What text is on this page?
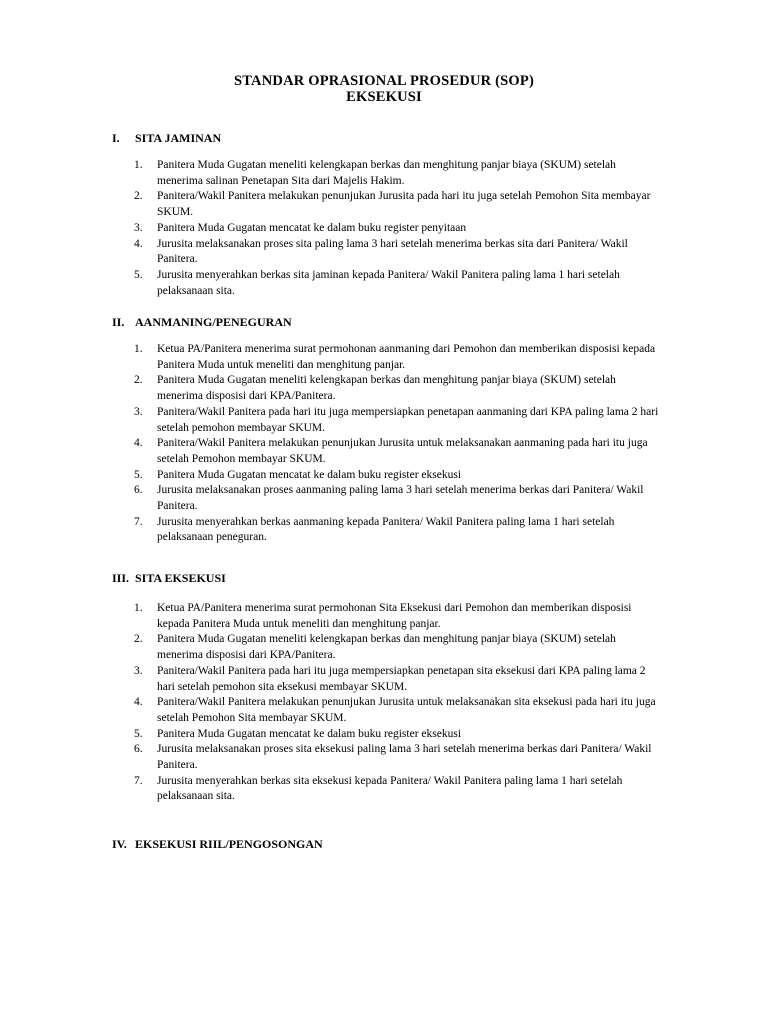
STANDAR OPRASIONAL PROSEDUR (SOP)
EKSEKUSI
I. SITA JAMINAN
1. Panitera Muda Gugatan meneliti kelengkapan berkas dan menghitung panjar biaya (SKUM) setelah menerima salinan Penetapan Sita dari Majelis Hakim.
2. Panitera/Wakil Panitera melakukan penunjukan Jurusita pada hari itu juga setelah Pemohon Sita membayar SKUM.
3. Panitera Muda Gugatan mencatat ke dalam buku register penyitaan
4. Jurusita melaksanakan proses sita paling lama 3 hari setelah menerima berkas sita dari Panitera/ Wakil Panitera.
5. Jurusita menyerahkan berkas sita jaminan kepada Panitera/ Wakil Panitera paling lama 1 hari setelah pelaksanaan sita.
II. AANMANING/PENEGURAN
1. Ketua PA/Panitera menerima surat permohonan aanmaning dari Pemohon dan memberikan disposisi kepada Panitera Muda untuk meneliti dan menghitung panjar.
2. Panitera Muda Gugatan meneliti kelengkapan berkas dan menghitung panjar biaya (SKUM) setelah menerima disposisi dari KPA/Panitera.
3. Panitera/Wakil Panitera pada hari itu juga mempersiapkan penetapan aanmaning dari KPA paling lama 2 hari setelah pemohon membayar SKUM.
4. Panitera/Wakil Panitera melakukan penunjukan Jurusita untuk melaksanakan aanmaning pada hari itu juga setelah Pemohon membayar SKUM.
5. Panitera Muda Gugatan mencatat ke dalam buku register eksekusi
6. Jurusita melaksanakan proses aanmaning paling lama 3 hari setelah menerima berkas dari Panitera/ Wakil Panitera.
7. Jurusita menyerahkan berkas aanmaning kepada Panitera/ Wakil Panitera paling lama 1 hari setelah pelaksanaan peneguran.
III. SITA EKSEKUSI
1. Ketua PA/Panitera menerima surat permohonan Sita Eksekusi dari Pemohon dan memberikan disposisi kepada Panitera Muda untuk meneliti dan menghitung panjar.
2. Panitera Muda Gugatan meneliti kelengkapan berkas dan menghitung panjar biaya (SKUM) setelah menerima disposisi dari KPA/Panitera.
3. Panitera/Wakil Panitera pada hari itu juga mempersiapkan penetapan sita eksekusi dari KPA paling lama 2 hari setelah pemohon sita eksekusi membayar SKUM.
4. Panitera/Wakil Panitera melakukan penunjukan Jurusita untuk melaksanakan sita eksekusi pada hari itu juga setelah Pemohon Sita membayar SKUM.
5. Panitera Muda Gugatan mencatat ke dalam buku register eksekusi
6. Jurusita melaksanakan proses sita eksekusi paling lama 3 hari setelah menerima berkas dari Panitera/ Wakil Panitera.
7. Jurusita menyerahkan berkas sita eksekusi kepada Panitera/ Wakil Panitera paling lama 1 hari setelah pelaksanaan sita.
IV. EKSEKUSI RIIL/PENGOSONGAN
